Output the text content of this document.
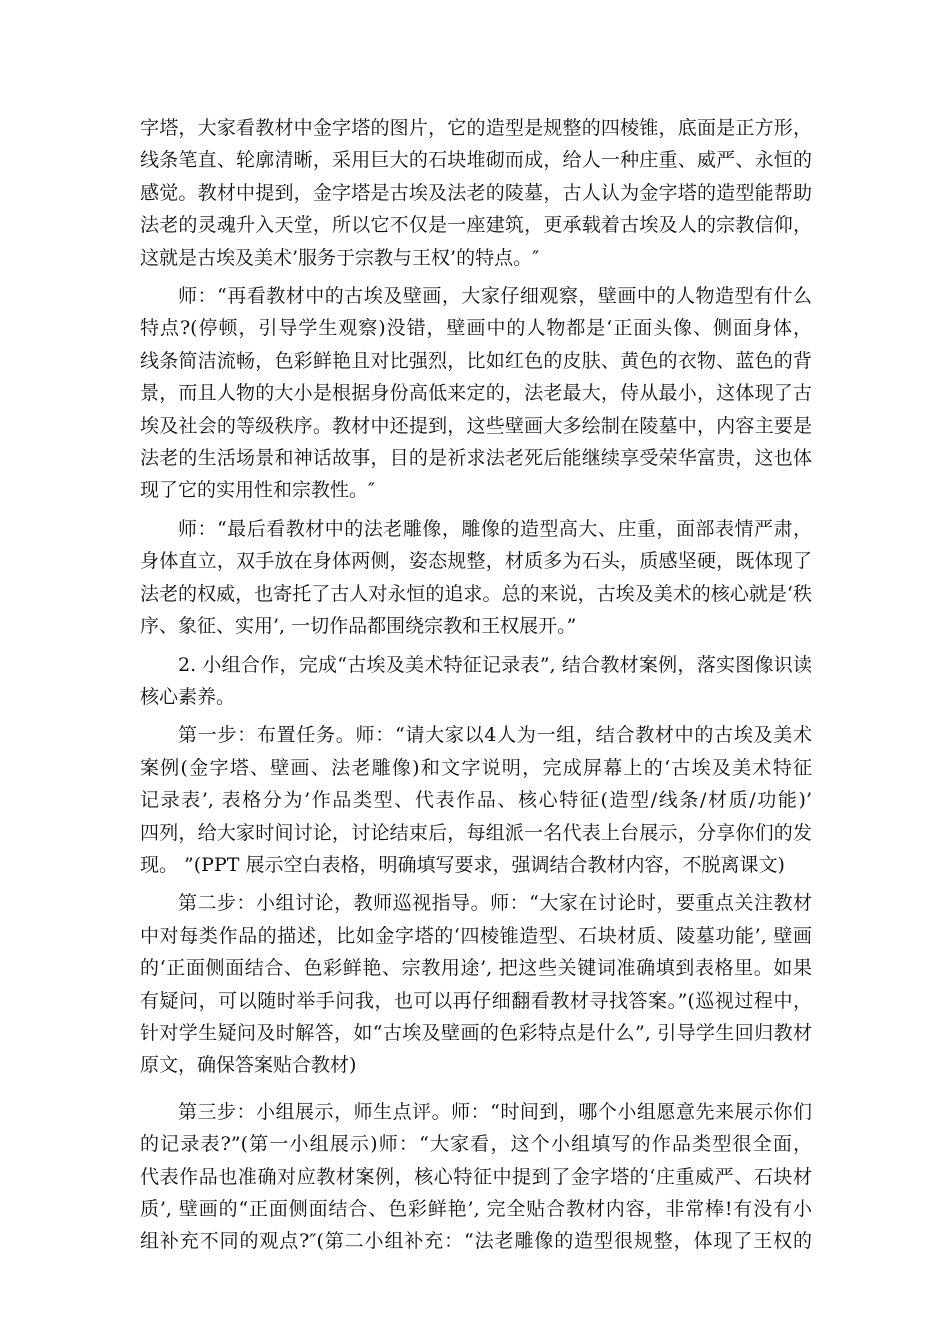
字塔，大家看教材中金字塔的图片，它的造型是规整的四棱锥，底面是正方形，
线条笔直、轮廓清晰，采用巨大的石块堆砌而成，给人一种庄重、威严、永恒的
感觉。教材中提到，金字塔是古埃及法老的陵墓，古人认为金字塔的造型能帮助
法老的灵魂升入天堂，所以它不仅是一座建筑，更承载着古埃及人的宗教信仰，
这就是古埃及美术’服务于宗教与王权’的特点。″
师：“再看教材中的古埃及壁画，大家仔细观察，壁画中的人物造型有什么
特点?(停顿，引导学生观察)没错，壁画中的人物都是‘正面头像、侧面身体，
线条简洁流畅，色彩鲜艳且对比强烈，比如红色的皮肤、黄色的衣物、蓝色的背
景，而且人物的大小是根据身份高低来定的，法老最大，侍从最小，这体现了古
埃及社会的等级秩序。教材中还提到，这些壁画大多绘制在陵墓中，内容主要是
法老的生活场景和神话故事，目的是祈求法老死后能继续享受荣华富贵，这也体
现了它的实用性和宗教性。″
师：“最后看教材中的法老雕像，雕像的造型高大、庄重，面部表情严肃，
身体直立，双手放在身体两侧，姿态规整，材质多为石头，质感坚硬，既体现了
法老的权威，也寄托了古人对永恒的追求。总的来说，古埃及美术的核心就是‘秩
序、象征、实用’, 一切作品都围绕宗教和王权展开。”
2. 小组合作，完成“古埃及美术特征记录表”, 结合教材案例，落实图像识读
核心素养。
第一步：布置任务。师：“请大家以4人为一组，结合教材中的古埃及美术
案例(金字塔、壁画、法老雕像)和文字说明，完成屏幕上的‘古埃及美术特征
记录表’, 表格分为’作品类型、代表作品、核心特征(造型/线条/材质/功能)’
四列，给大家时间讨论，讨论结束后，每组派一名代表上台展示，分享你们的发
现。 ”(PPT 展示空白表格，明确填写要求，强调结合教材内容，不脱离课文)
第二步：小组讨论，教师巡视指导。师：“大家在讨论时，要重点关注教材
中对每类作品的描述，比如金字塔的‘四棱锥造型、石块材质、陵墓功能’, 壁画
的‘正面侧面结合、色彩鲜艳、宗教用途’, 把这些关键词准确填到表格里。如果
有疑问，可以随时举手问我，也可以再仔细翻看教材寻找答案。”(巡视过程中，
针对学生疑问及时解答，如“古埃及壁画的色彩特点是什么”, 引导学生回归教材
原文，确保答案贴合教材)
第三步：小组展示，师生点评。师：“时间到，哪个小组愿意先来展示你们
的记录表?”(第一小组展示)师：“大家看，这个小组填写的作品类型很全面，
代表作品也准确对应教材案例，核心特征中提到了金字塔的‘庄重威严、石块材
质’, 壁画的“正面侧面结合、色彩鲜艳’, 完全贴合教材内容，非常棒!有没有小
组补充不同的观点?″(第二小组补充：“法老雕像的造型很规整，体现了王权的
